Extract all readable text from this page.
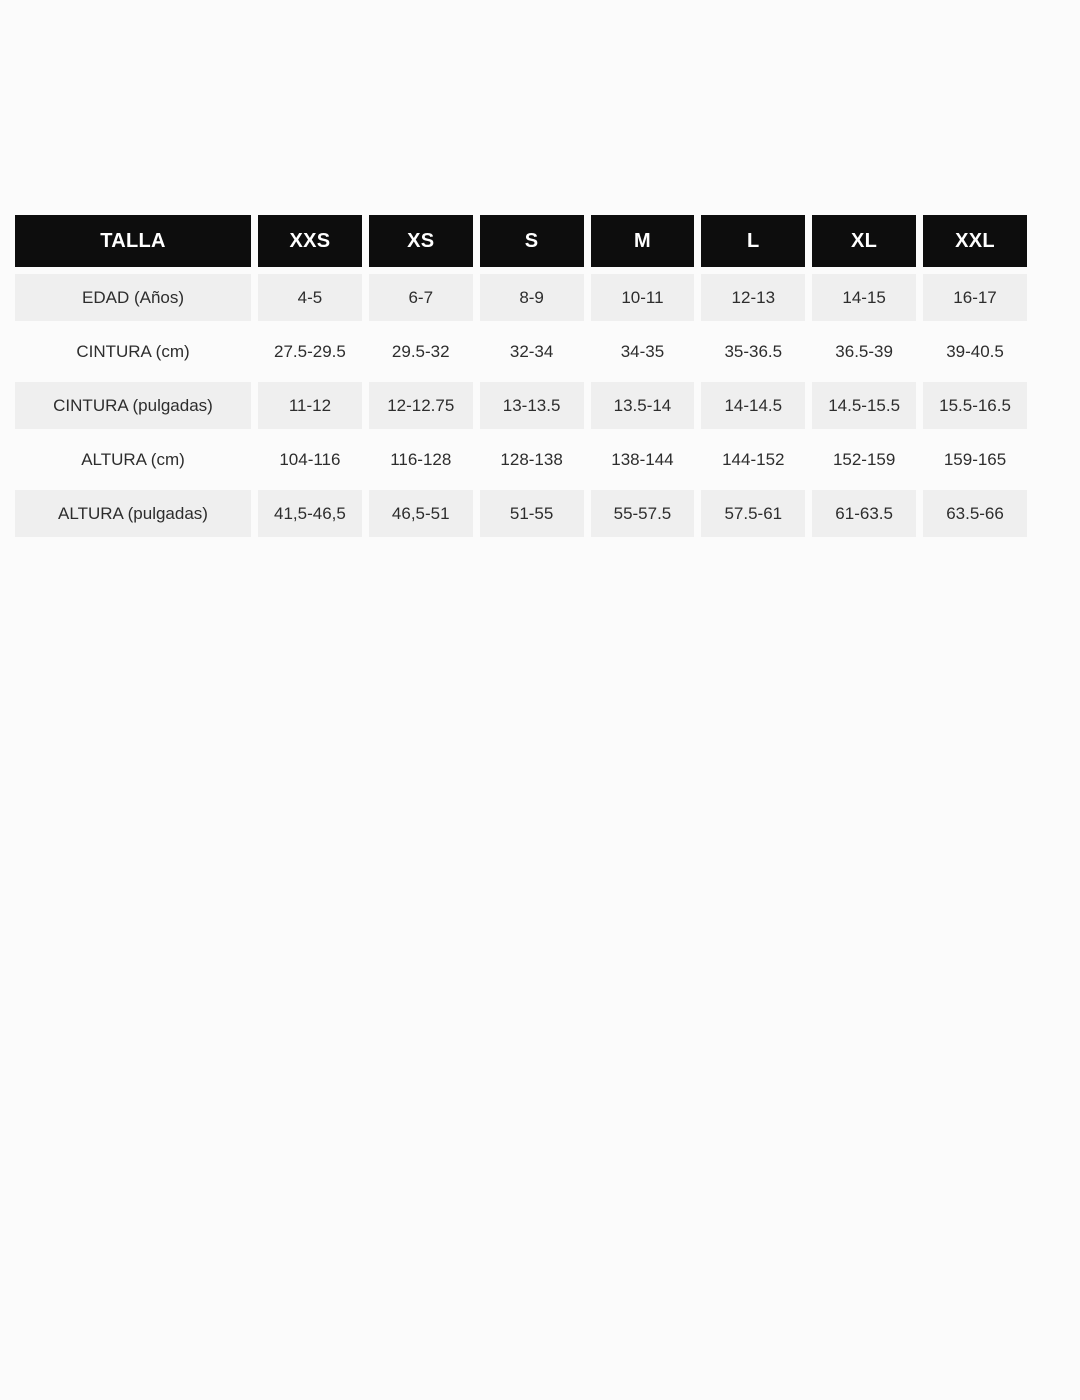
TALLA	XXS	XS	S	M	L	XL	XXL
EDAD (Años)	4-5	6-7	8-9	10-11	12-13	14-15	16-17
CINTURA (cm)	27.5-29.5	29.5-32	32-34	34-35	35-36.5	36.5-39	39-40.5
CINTURA (pulgadas)	11-12	12-12.75	13-13.5	13.5-14	14-14.5	14.5-15.5	15.5-16.5
ALTURA (cm)	104-116	116-128	128-138	138-144	144-152	152-159	159-165
ALTURA (pulgadas)	41,5-46,5	46,5-51	51-55	55-57.5	57.5-61	61-63.5	63.5-66
